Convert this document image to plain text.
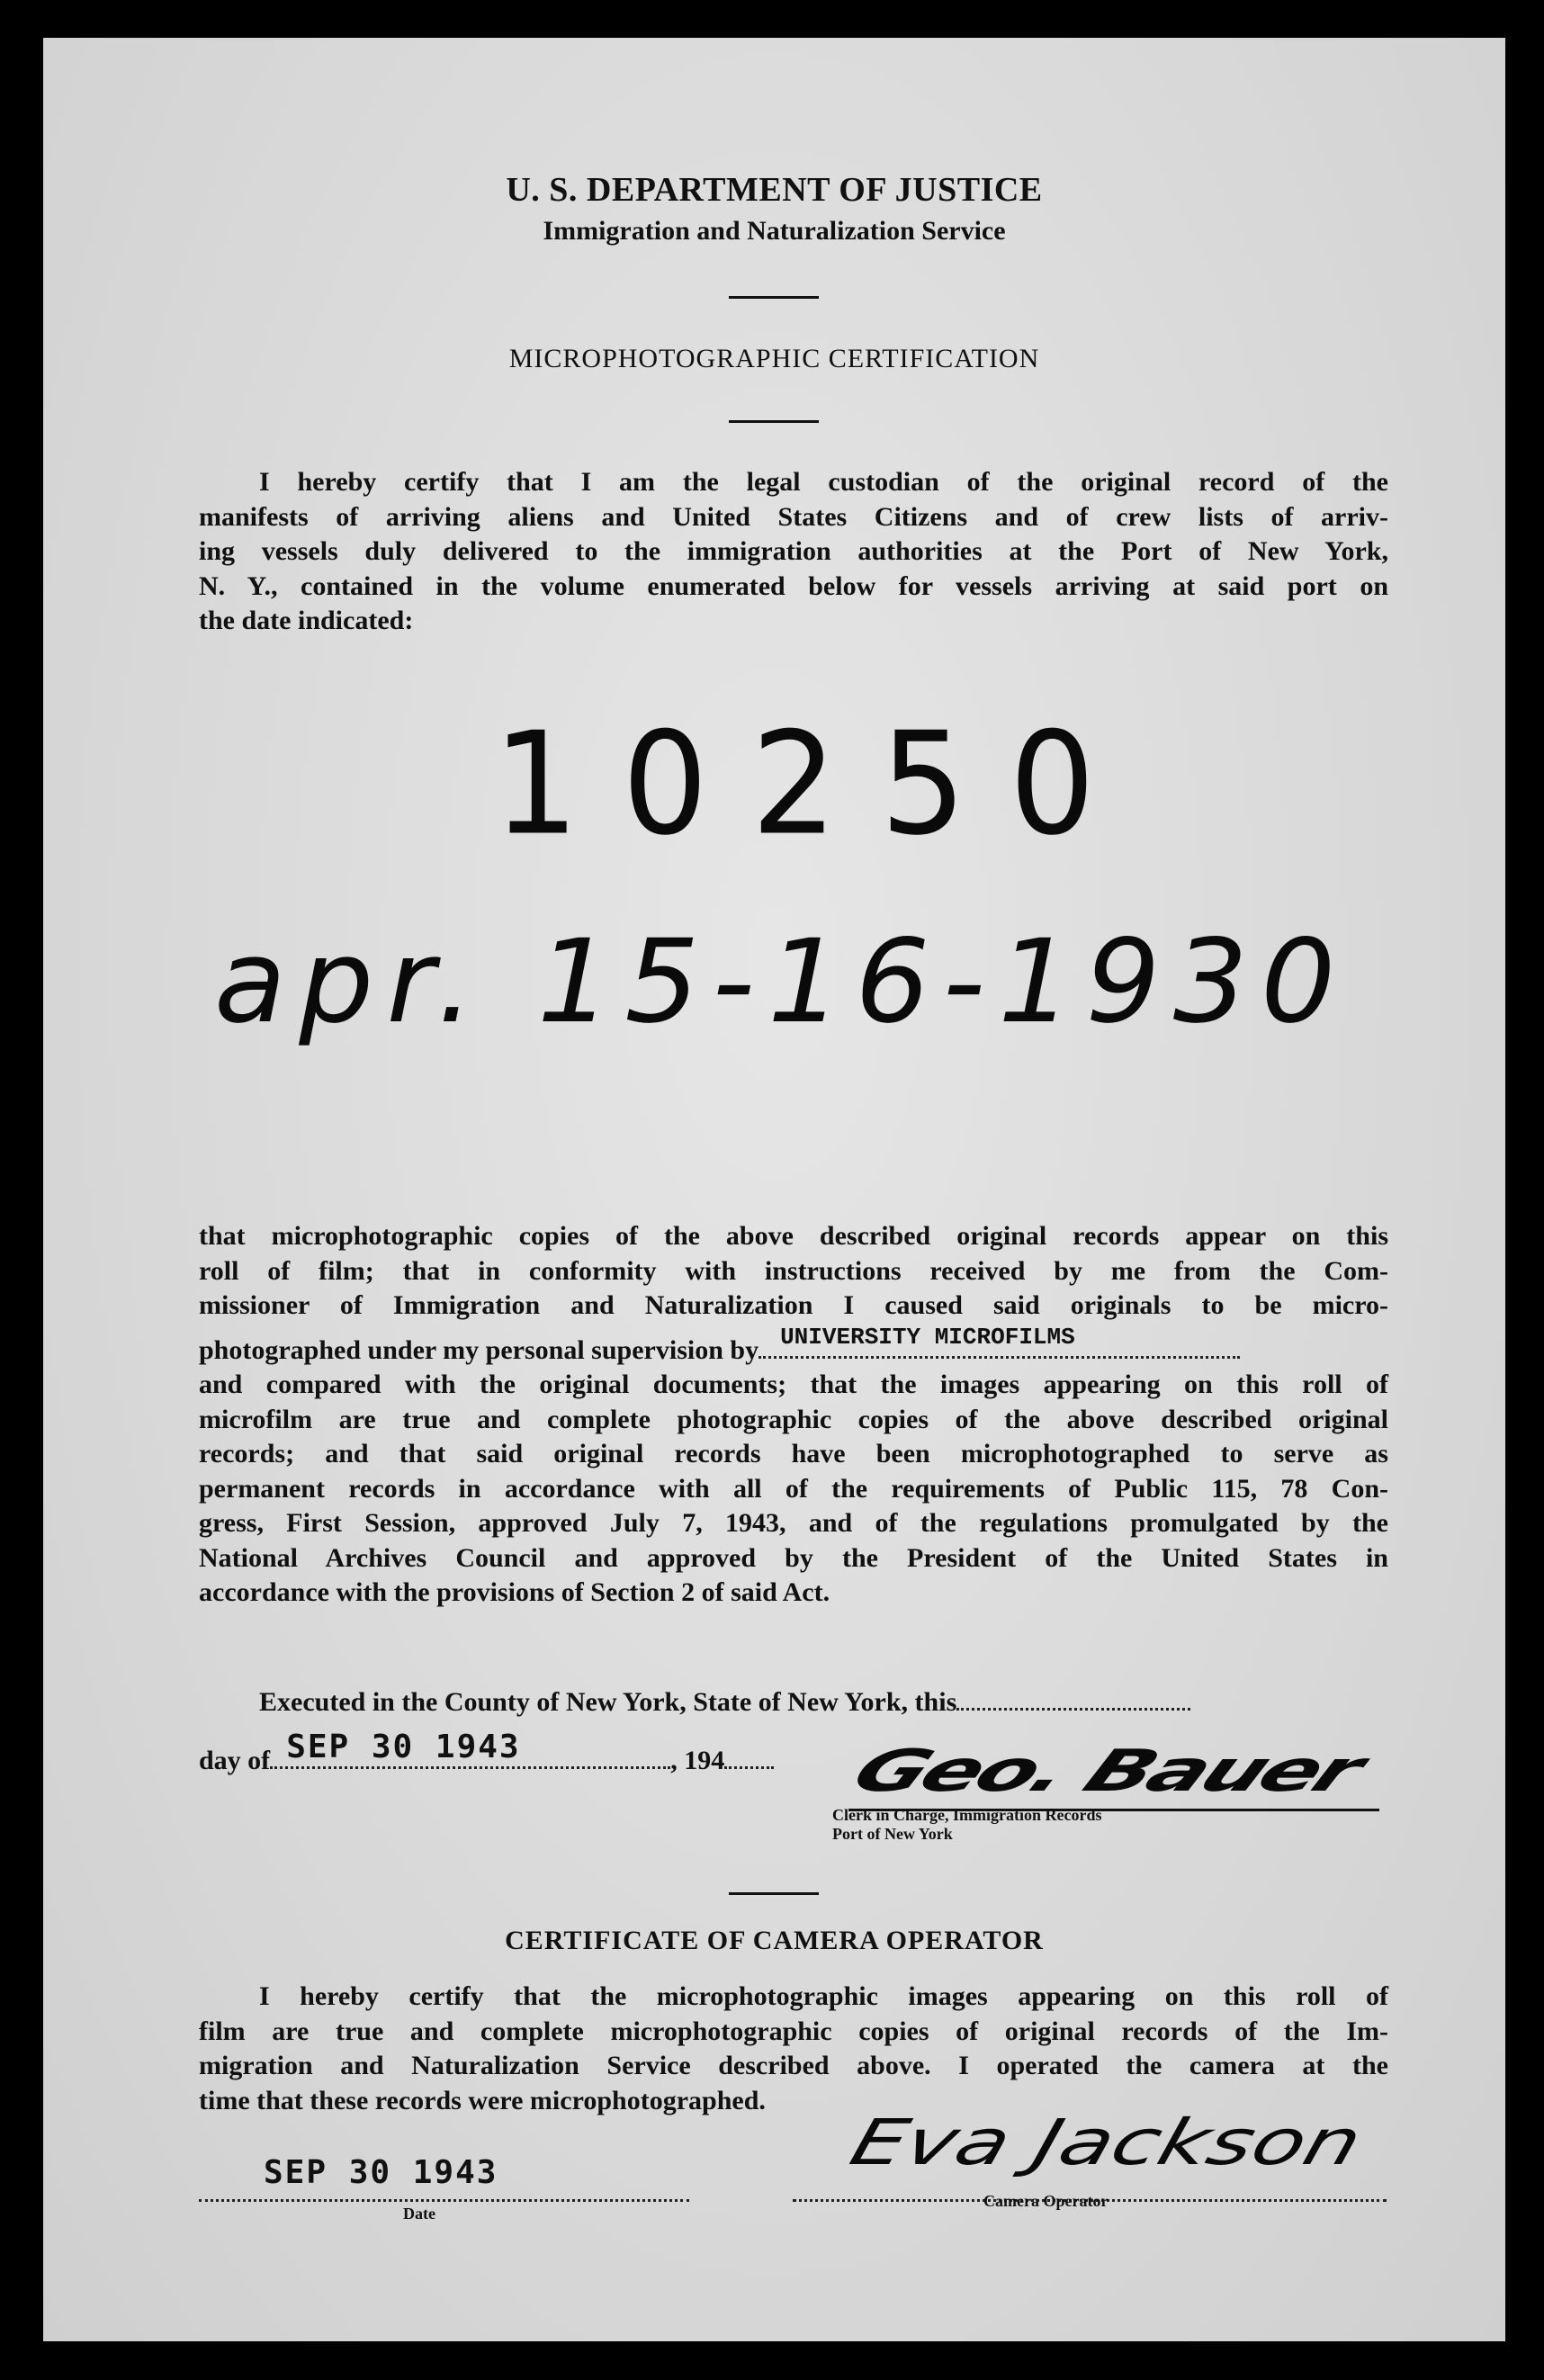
U. S. DEPARTMENT OF JUSTICE
Immigration and Naturalization Service
MICROPHOTOGRAPHIC CERTIFICATION
I hereby certify that I am the legal custodian of the original record of the
manifests of arriving aliens and United States Citizens and of crew lists of arriv-
ing vessels duly delivered to the immigration authorities at the Port of New York,
N. Y., contained in the volume enumerated below for vessels arriving at said port on
the date indicated:
10250
apr. 15-16-1930
that microphotographic copies of the above described original records appear on this
roll of film; that in conformity with instructions received by me from the Com-
missioner of Immigration and Naturalization I caused said originals to be micro-
photographed under my personal supervision by UNIVERSITY MICROFILMS
and compared with the original documents; that the images appearing on this roll of
microfilm are true and complete photographic copies of the above described original
records; and that said original records have been microphotographed to serve as
permanent records in accordance with all of the requirements of Public 115, 78 Con-
gress, First Session, approved July 7, 1943, and of the regulations promulgated by the
National Archives Council and approved by the President of the United States in
accordance with the provisions of Section 2 of said Act.
Executed in the County of New York, State of New York, this
day of SEP 30 1943	, 194	Geo. Bauer
Clerk in Charge, Immigration Records
Port of New York
CERTIFICATE OF CAMERA OPERATOR
I hereby certify that the microphotographic images appearing on this roll of
film are true and complete microphotographic copies of original records of the Im-
migration and Naturalization Service described above. I operated the camera at the
time that these records were microphotographed.
SEP 30 1943
Date
Eva Jackson
Camera Operator
